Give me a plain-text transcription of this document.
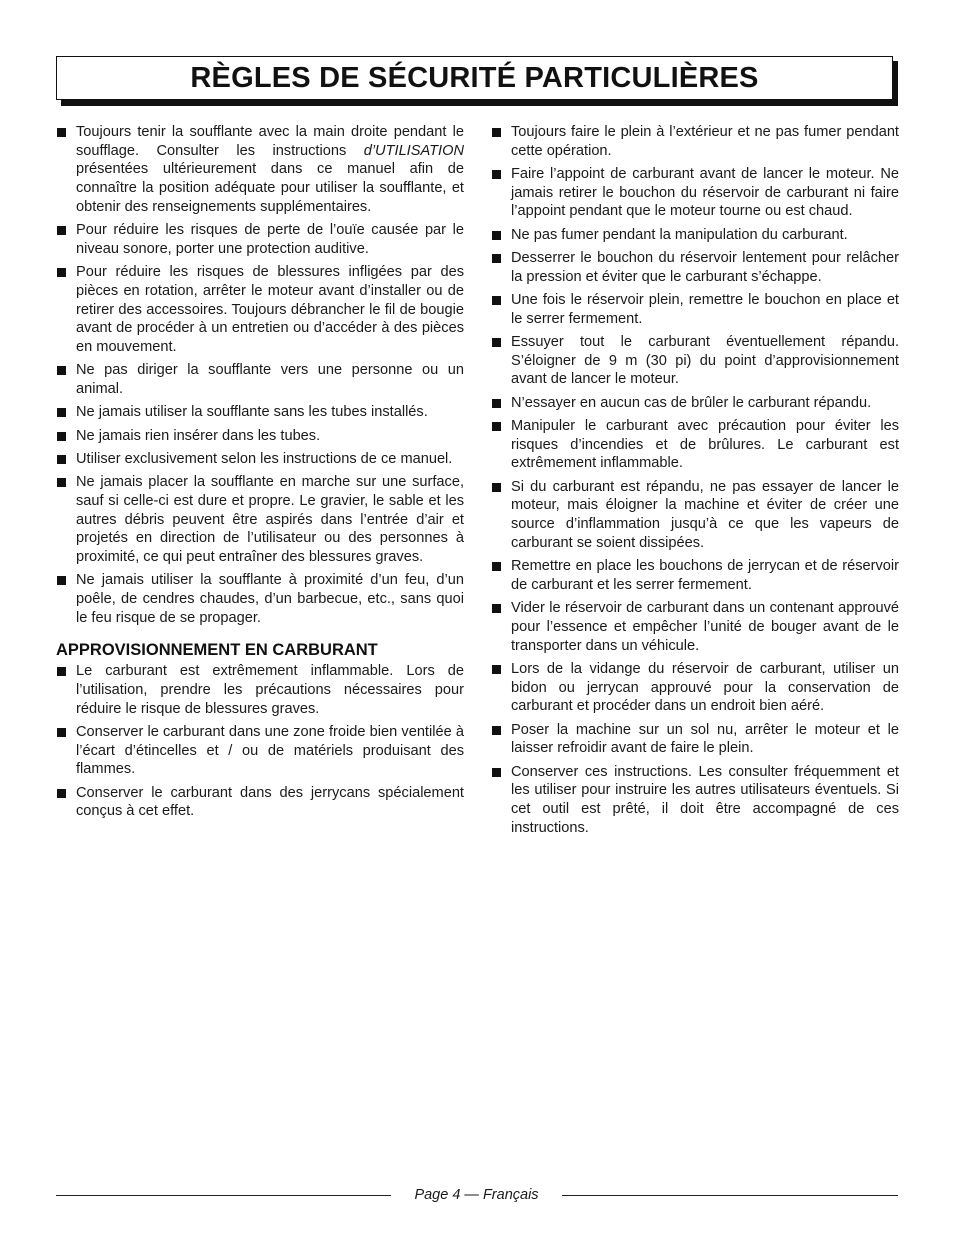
RÈGLES DE SÉCURITÉ PARTICULIÈRES
Toujours tenir la soufflante avec la main droite pendant le soufflage. Consulter les instructions d’UTILISATION présentées ultérieurement dans ce manuel afin de connaître la position adéquate pour utiliser la soufflante, et obtenir des renseignements supplémentaires.
Pour réduire les risques de perte de l’ouïe causée par le niveau sonore, porter une protection auditive.
Pour réduire les risques de blessures infligées par des pièces en rotation, arrêter le moteur avant d’installer ou de retirer des accessoires. Toujours débrancher le fil de bougie avant de procéder à un entretien ou d’accéder à des pièces en mouvement.
Ne pas diriger la soufflante vers une personne ou un animal.
Ne jamais utiliser la soufflante sans les tubes installés.
Ne jamais rien insérer dans les tubes.
Utiliser exclusivement selon les instructions de ce manuel.
Ne jamais placer la soufflante en marche sur une surface, sauf si celle-ci est dure et propre. Le gravier, le sable et les autres débris peuvent être aspirés dans l’entrée d’air et projetés en direction de l’utilisateur ou des personnes à proximité, ce qui peut entraîner des blessures graves.
Ne jamais utiliser la soufflante à proximité d’un feu, d’un poêle, de cendres chaudes, d’un barbecue, etc., sans quoi le feu risque de se propager.
APPROVISIONNEMENT EN CARBURANT
Le carburant est extrêmement inflammable. Lors de l’utilisation, prendre les précautions nécessaires pour réduire le risque de blessures graves.
Conserver le carburant dans une zone froide bien ventilée à l’écart d’étincelles et / ou de matériels produisant des flammes.
Conserver le carburant dans des jerrycans spécialement conçus à cet effet.
Toujours faire le plein à l’extérieur et ne pas fumer pendant cette opération.
Faire l’appoint de carburant avant de lancer le moteur. Ne jamais retirer le bouchon du réservoir de carburant ni faire l’appoint pendant que le moteur tourne ou est chaud.
Ne pas fumer pendant la manipulation du carburant.
Desserrer le bouchon du réservoir lentement pour relâcher la pression et éviter que le carburant s’échappe.
Une fois le réservoir plein, remettre le bouchon en place et le serrer fermement.
Essuyer tout le carburant éventuellement répandu. S’éloigner de 9 m (30 pi) du point d’approvisionnement avant de lancer le moteur.
N’essayer en aucun cas de brûler le carburant répandu.
Manipuler le carburant avec précaution pour éviter les risques d’incendies et de brûlures. Le carburant est extrêmement inflammable.
Si du carburant est répandu, ne pas essayer de lancer le moteur, mais éloigner la machine et éviter de créer une source d’inflammation jusqu’à ce que les vapeurs de carburant se soient dissipées.
Remettre en place les bouchons de jerrycan et de réservoir de carburant et les serrer fermement.
Vider le réservoir de carburant dans un contenant approuvé pour l’essence et empêcher l’unité de bouger avant de le transporter dans un véhicule.
Lors de la vidange du réservoir de carburant, utiliser un bidon ou jerrycan approuvé pour la conservation de carburant et procéder dans un endroit bien aéré.
Poser la machine sur un sol nu, arrêter le moteur et le laisser refroidir avant de faire le plein.
Conserver ces instructions. Les consulter fréquemment et les utiliser pour instruire les autres utilisateurs éventuels. Si cet outil est prêté, il doit être accompagné de ces instructions.
Page 4 — Français
